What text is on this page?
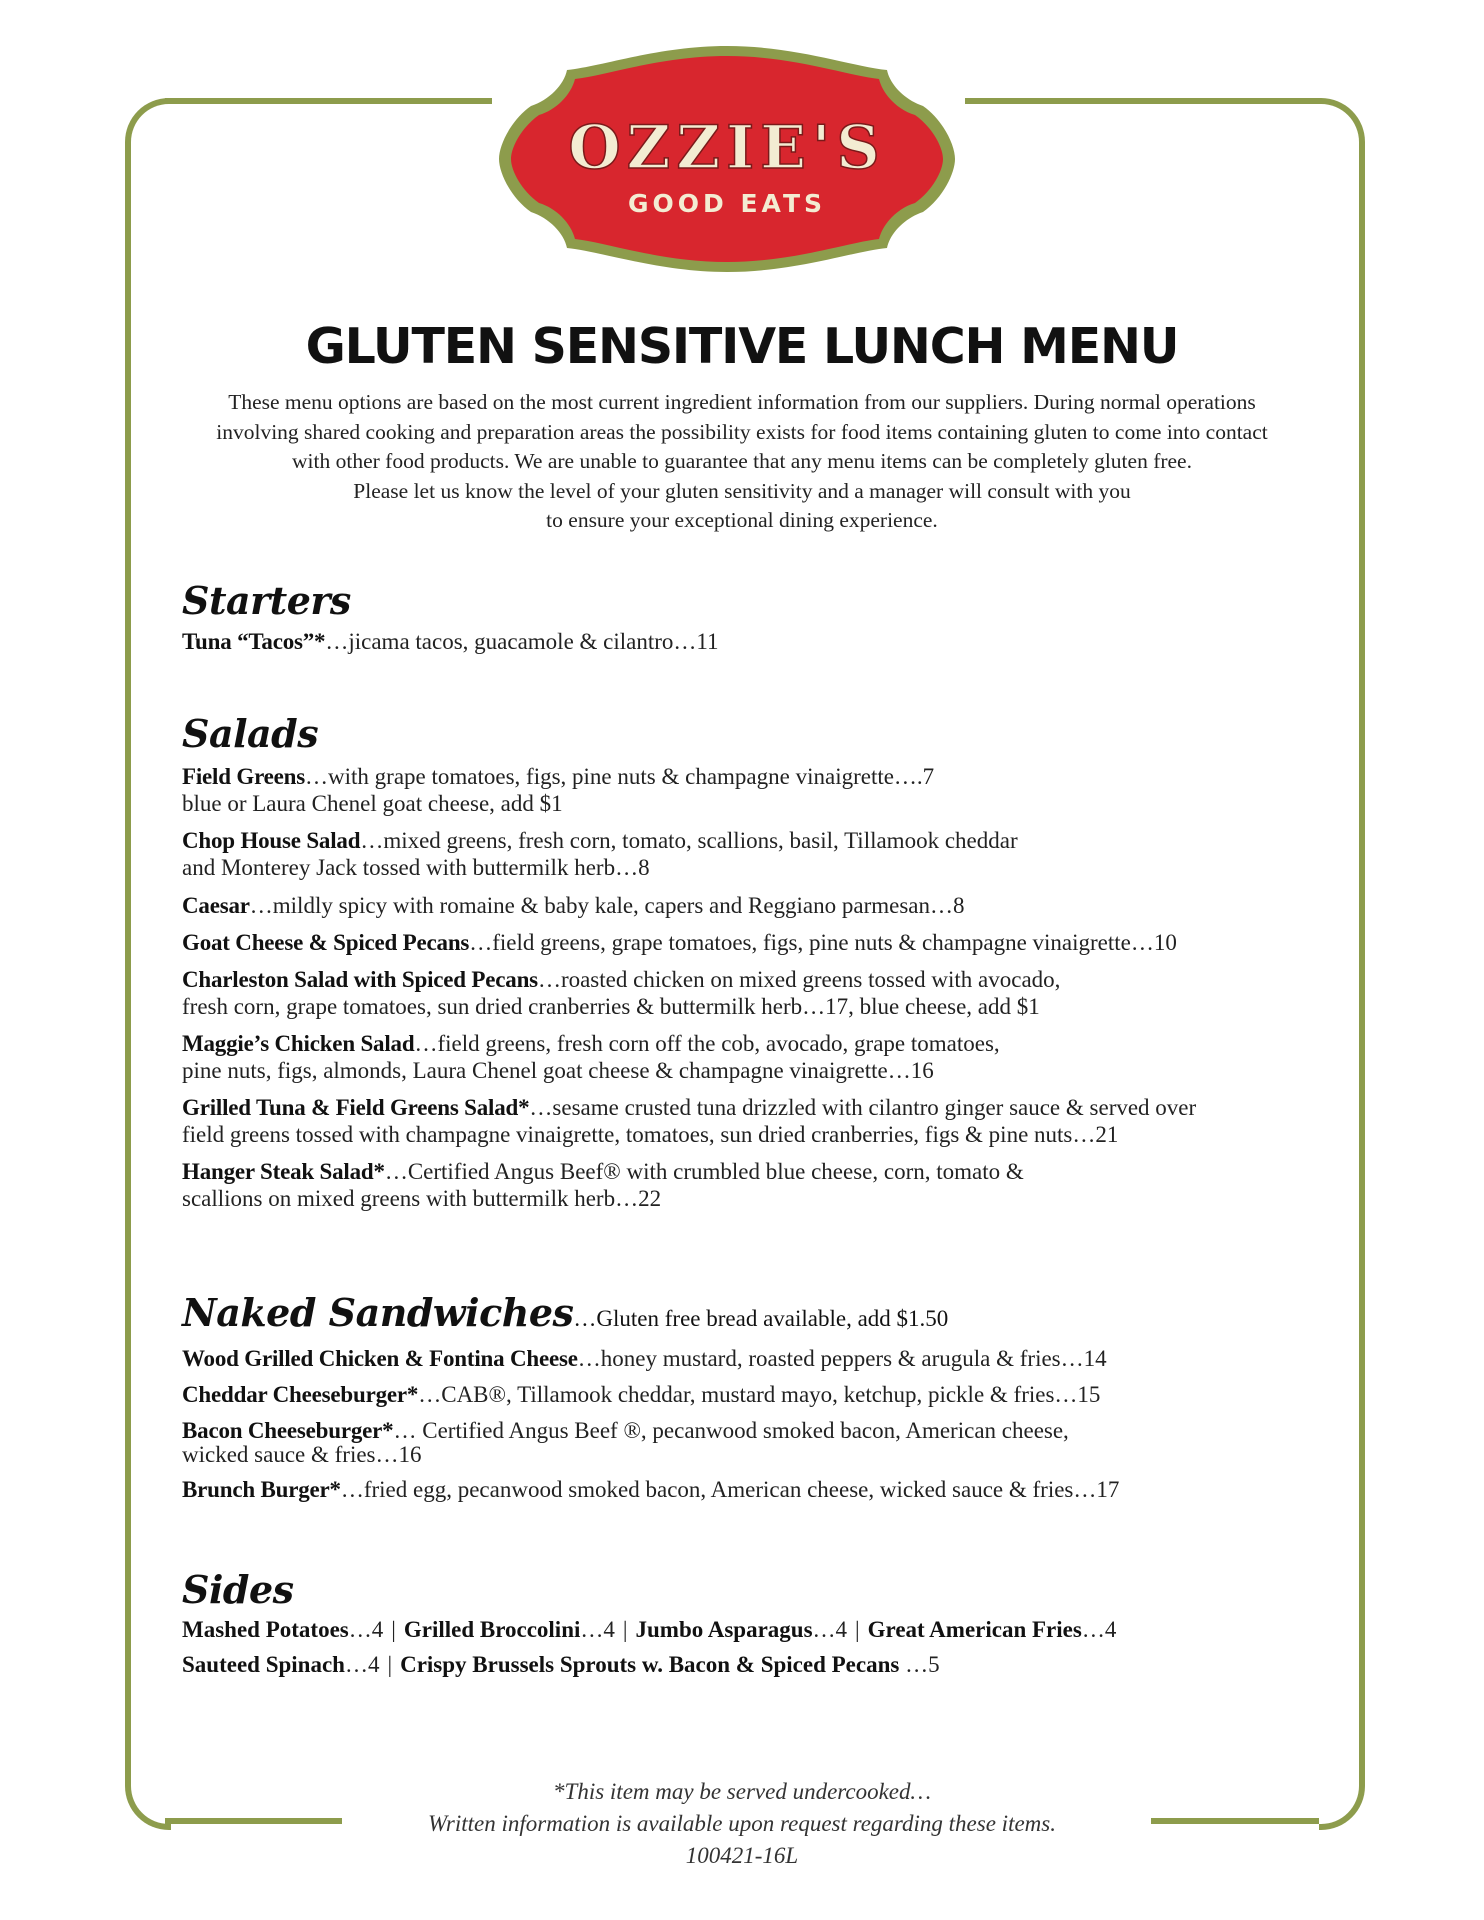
OZZIE'S
GOOD EATS
GLUTEN SENSITIVE LUNCH MENU
These menu options are based on the most current ingredient information from our suppliers. During normal operations
involving shared cooking and preparation areas the possibility exists for food items containing gluten to come into contact
with other food products. We are unable to guarantee that any menu items can be completely gluten free.
Please let us know the level of your gluten sensitivity and a manager will consult with you
to ensure your exceptional dining experience.
Starters
Tuna “Tacos”*…jicama tacos, guacamole & cilantro…11
Salads
Field Greens…with grape tomatoes, figs, pine nuts & champagne vinaigrette….7
blue or Laura Chenel goat cheese, add $1
Chop House Salad…mixed greens, fresh corn, tomato, scallions, basil, Tillamook cheddar
and Monterey Jack tossed with buttermilk herb…8
Caesar…mildly spicy with romaine & baby kale, capers and Reggiano parmesan…8
Goat Cheese & Spiced Pecans…field greens, grape tomatoes, figs, pine nuts & champagne vinaigrette…10
Charleston Salad with Spiced Pecans…roasted chicken on mixed greens tossed with avocado,
fresh corn, grape tomatoes, sun dried cranberries & buttermilk herb…17, blue cheese, add $1
Maggie’s Chicken Salad…field greens, fresh corn off the cob, avocado, grape tomatoes,
pine nuts, figs, almonds, Laura Chenel goat cheese & champagne vinaigrette…16
Grilled Tuna & Field Greens Salad*…sesame crusted tuna drizzled with cilantro ginger sauce & served over
field greens tossed with champagne vinaigrette, tomatoes, sun dried cranberries, figs & pine nuts…21
Hanger Steak Salad*…Certified Angus Beef® with crumbled blue cheese, corn, tomato &
scallions on mixed greens with buttermilk herb…22
Naked Sandwiches…Gluten free bread available, add $1.50
Wood Grilled Chicken & Fontina Cheese…honey mustard, roasted peppers & arugula & fries…14
Cheddar Cheeseburger*…CAB®, Tillamook cheddar, mustard mayo, ketchup, pickle & fries…15
Bacon Cheeseburger*… Certified Angus Beef ®, pecanwood smoked bacon, American cheese,
wicked sauce & fries…16
Brunch Burger*…fried egg, pecanwood smoked bacon, American cheese, wicked sauce & fries…17
Sides
Mashed Potatoes…4 | Grilled Broccolini…4 | Jumbo Asparagus…4 | Great American Fries…4
Sauteed Spinach…4 | Crispy Brussels Sprouts w. Bacon & Spiced Pecans …5
*This item may be served undercooked…
Written information is available upon request regarding these items.
100421-16L
